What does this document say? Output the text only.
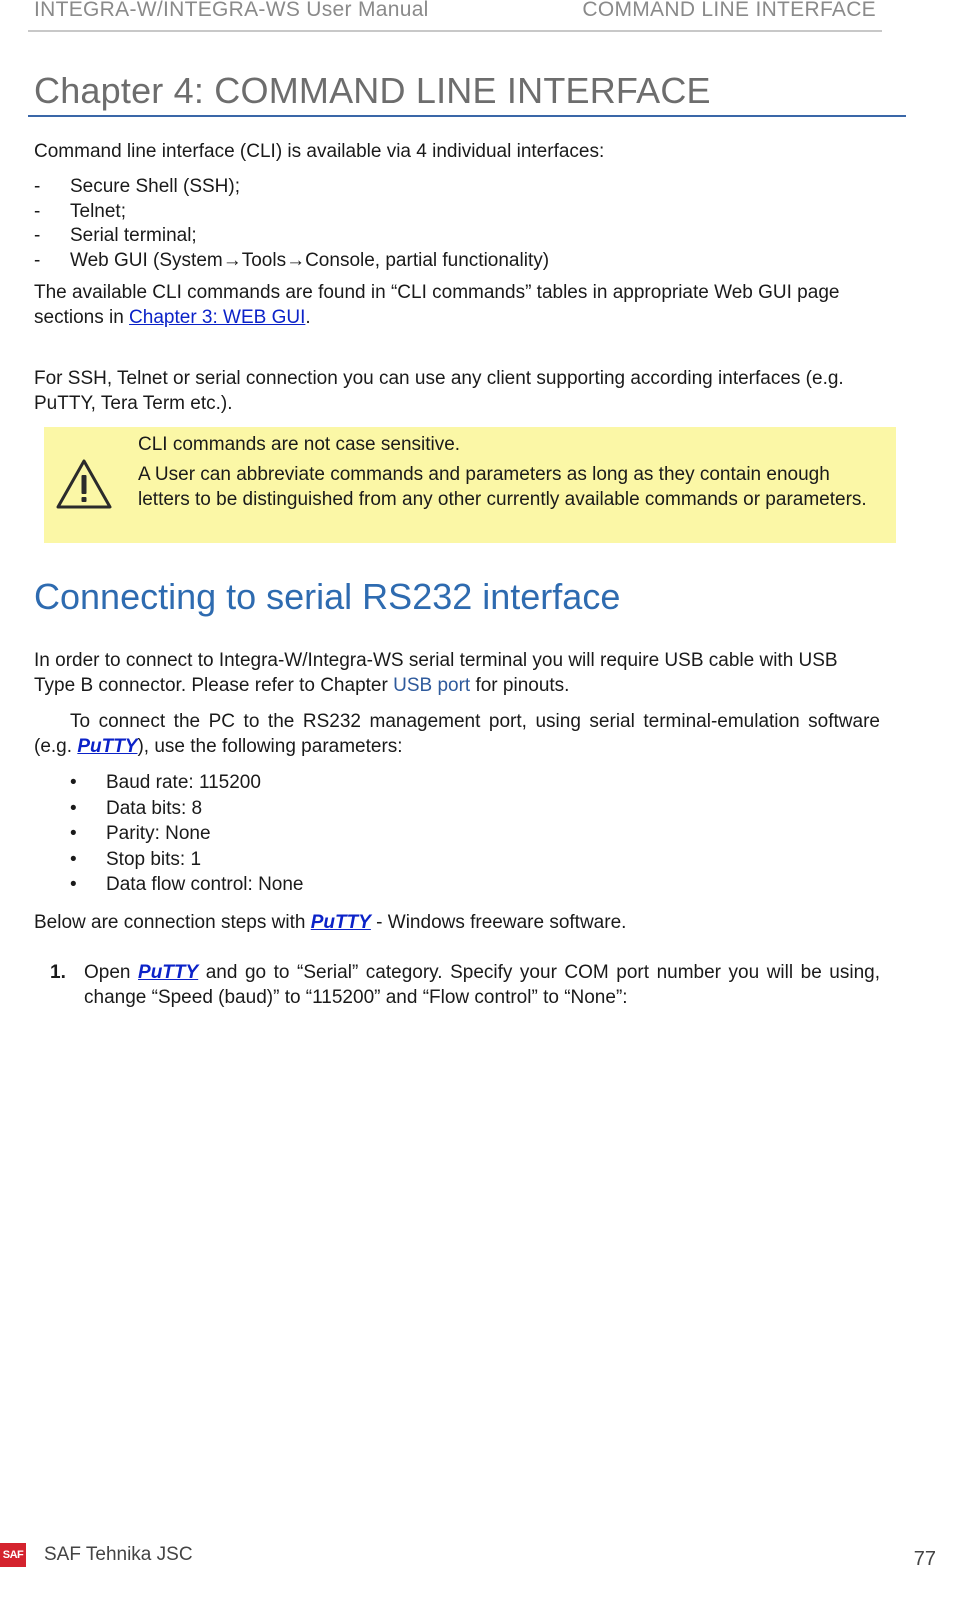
INTEGRA-W/INTEGRA-WS User Manual	COMMAND LINE INTERFACE
Chapter 4: COMMAND LINE INTERFACE

Command line interface (CLI) is available via 4 individual interfaces:

- Secure Shell (SSH);
- Telnet;
- Serial terminal;
- Web GUI (System→Tools→Console, partial functionality)

The available CLI commands are found in “CLI commands” tables in appropriate Web GUI page sections in Chapter 3: WEB GUI.

For SSH, Telnet or serial connection you can use any client supporting according interfaces (e.g. PuTTY, Tera Term etc.).

CLI commands are not case sensitive.

A User can abbreviate commands and parameters as long as they contain enough letters to be distinguished from any other currently available commands or parameters.

Connecting to serial RS232 interface

In order to connect to Integra-W/Integra-WS serial terminal you will require USB cable with USB Type B connector. Please refer to Chapter USB port for pinouts.

To connect the PC to the RS232 management port, using serial terminal-emulation software (e.g. PuTTY), use the following parameters:

• Baud rate: 115200
• Data bits: 8
• Parity: None
• Stop bits: 1
• Data flow control: None

Below are connection steps with PuTTY - Windows freeware software.

1. Open PuTTY and go to “Serial” category. Specify your COM port number you will be using, change “Speed (baud)” to “115200” and “Flow control” to “None”:

SAF SAF Tehnika JSC	77
